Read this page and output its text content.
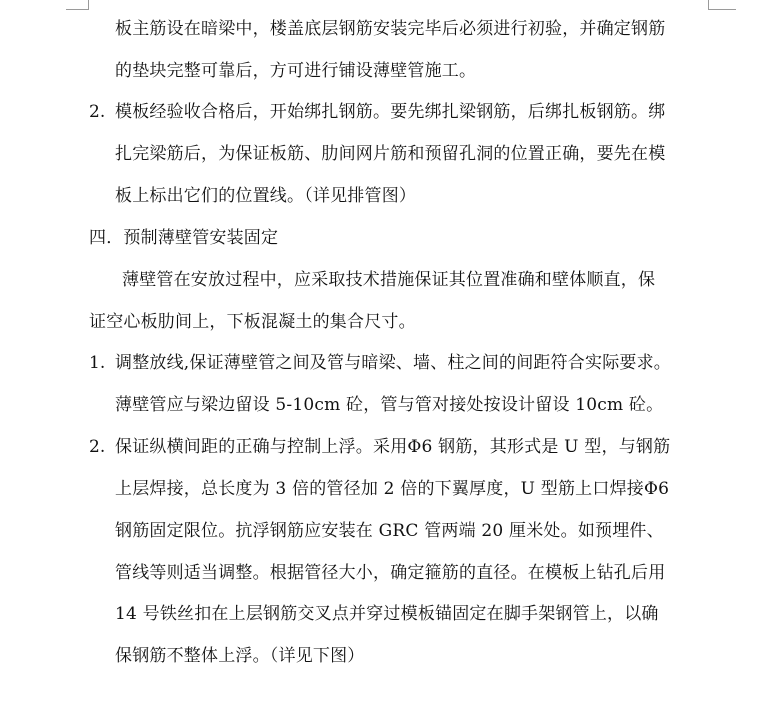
板主筋设在暗梁中，楼盖底层钢筋安装完毕后必须进行初验，并确定钢筋
的垫块完整可靠后，方可进行铺设薄壁管施工。
2. 模板经验收合格后，开始绑扎钢筋。要先绑扎梁钢筋，后绑扎板钢筋。绑
扎完梁筋后，为保证板筋、肋间网片筋和预留孔洞的位置正确，要先在模
板上标出它们的位置线。（详见排管图）
四．预制薄壁管安装固定
薄壁管在安放过程中，应采取技术措施保证其位置准确和壁体顺直，保
证空心板肋间上，下板混凝土的集合尺寸。
1. 调整放线,保证薄壁管之间及管与暗梁、墙、柱之间的间距符合实际要求。
薄壁管应与梁边留设 5-10cm 砼，管与管对接处按设计留设 10cm 砼。
2. 保证纵横间距的正确与控制上浮。采用Φ6 钢筋，其形式是 U 型，与钢筋
上层焊接，总长度为 3 倍的管径加 2 倍的下翼厚度，U 型筋上口焊接Φ6
钢筋固定限位。抗浮钢筋应安装在 GRC 管两端 20 厘米处。如预埋件、
管线等则适当调整。根据管径大小，确定箍筋的直径。在模板上钻孔后用
14 号铁丝扣在上层钢筋交叉点并穿过模板锚固定在脚手架钢管上，以确
保钢筋不整体上浮。（详见下图）
